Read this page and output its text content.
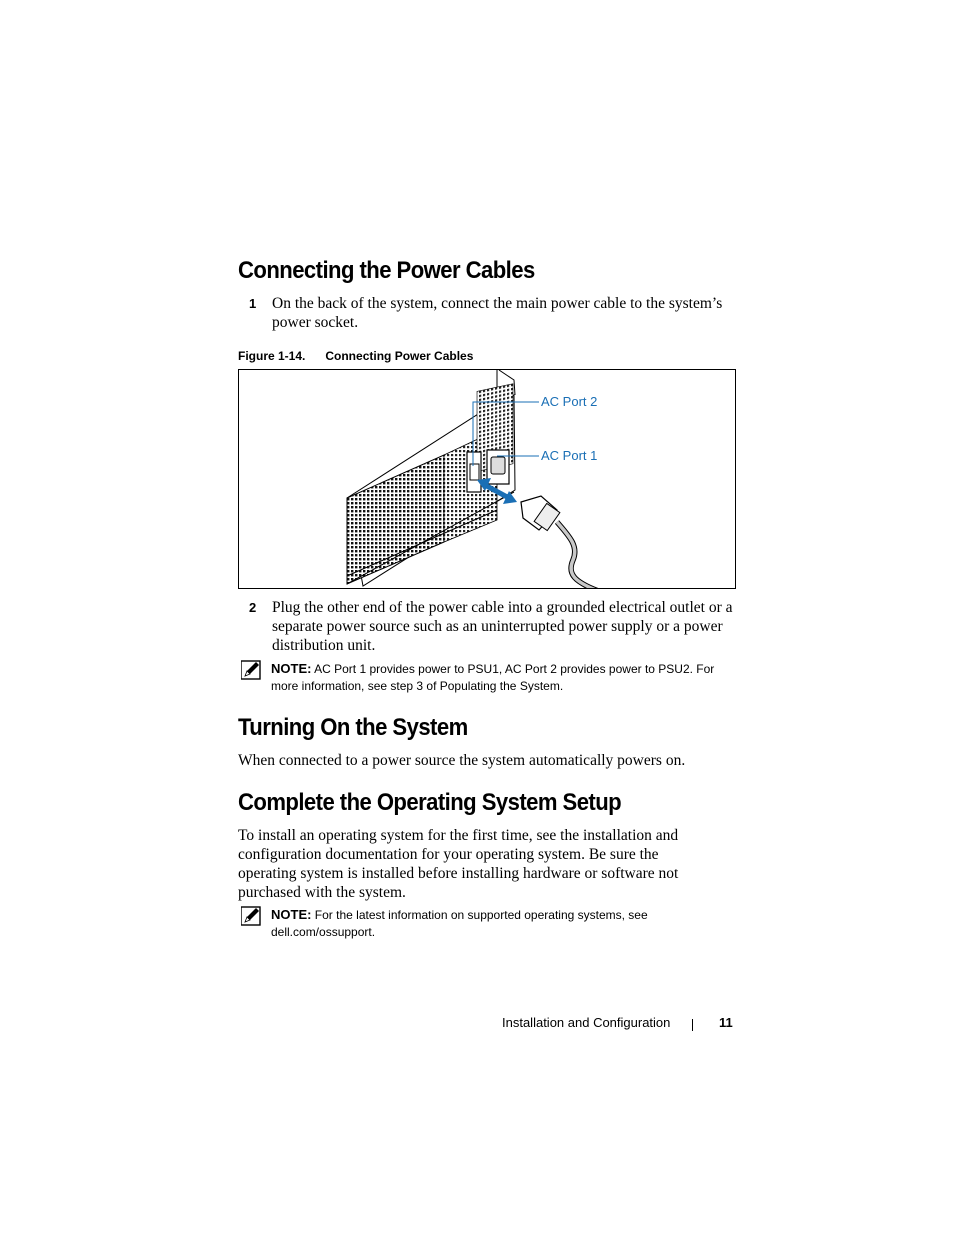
Connecting the Power Cables
1 On the back of the system, connect the main power cable to the system’s power socket.
Figure 1-14. Connecting Power Cables
AC Port 2
AC Port 1
2 Plug the other end of the power cable into a grounded electrical outlet or a separate power source such as an uninterrupted power supply or a power distribution unit.
NOTE: AC Port 1 provides power to PSU1, AC Port 2 provides power to PSU2. For more information, see step 3 of Populating the System.
Turning On the System
When connected to a power source the system automatically powers on.
Complete the Operating System Setup
To install an operating system for the first time, see the installation and configuration documentation for your operating system. Be sure the operating system is installed before installing hardware or software not purchased with the system.
NOTE: For the latest information on supported operating systems, see dell.com/ossupport.
Installation and Configuration	11
